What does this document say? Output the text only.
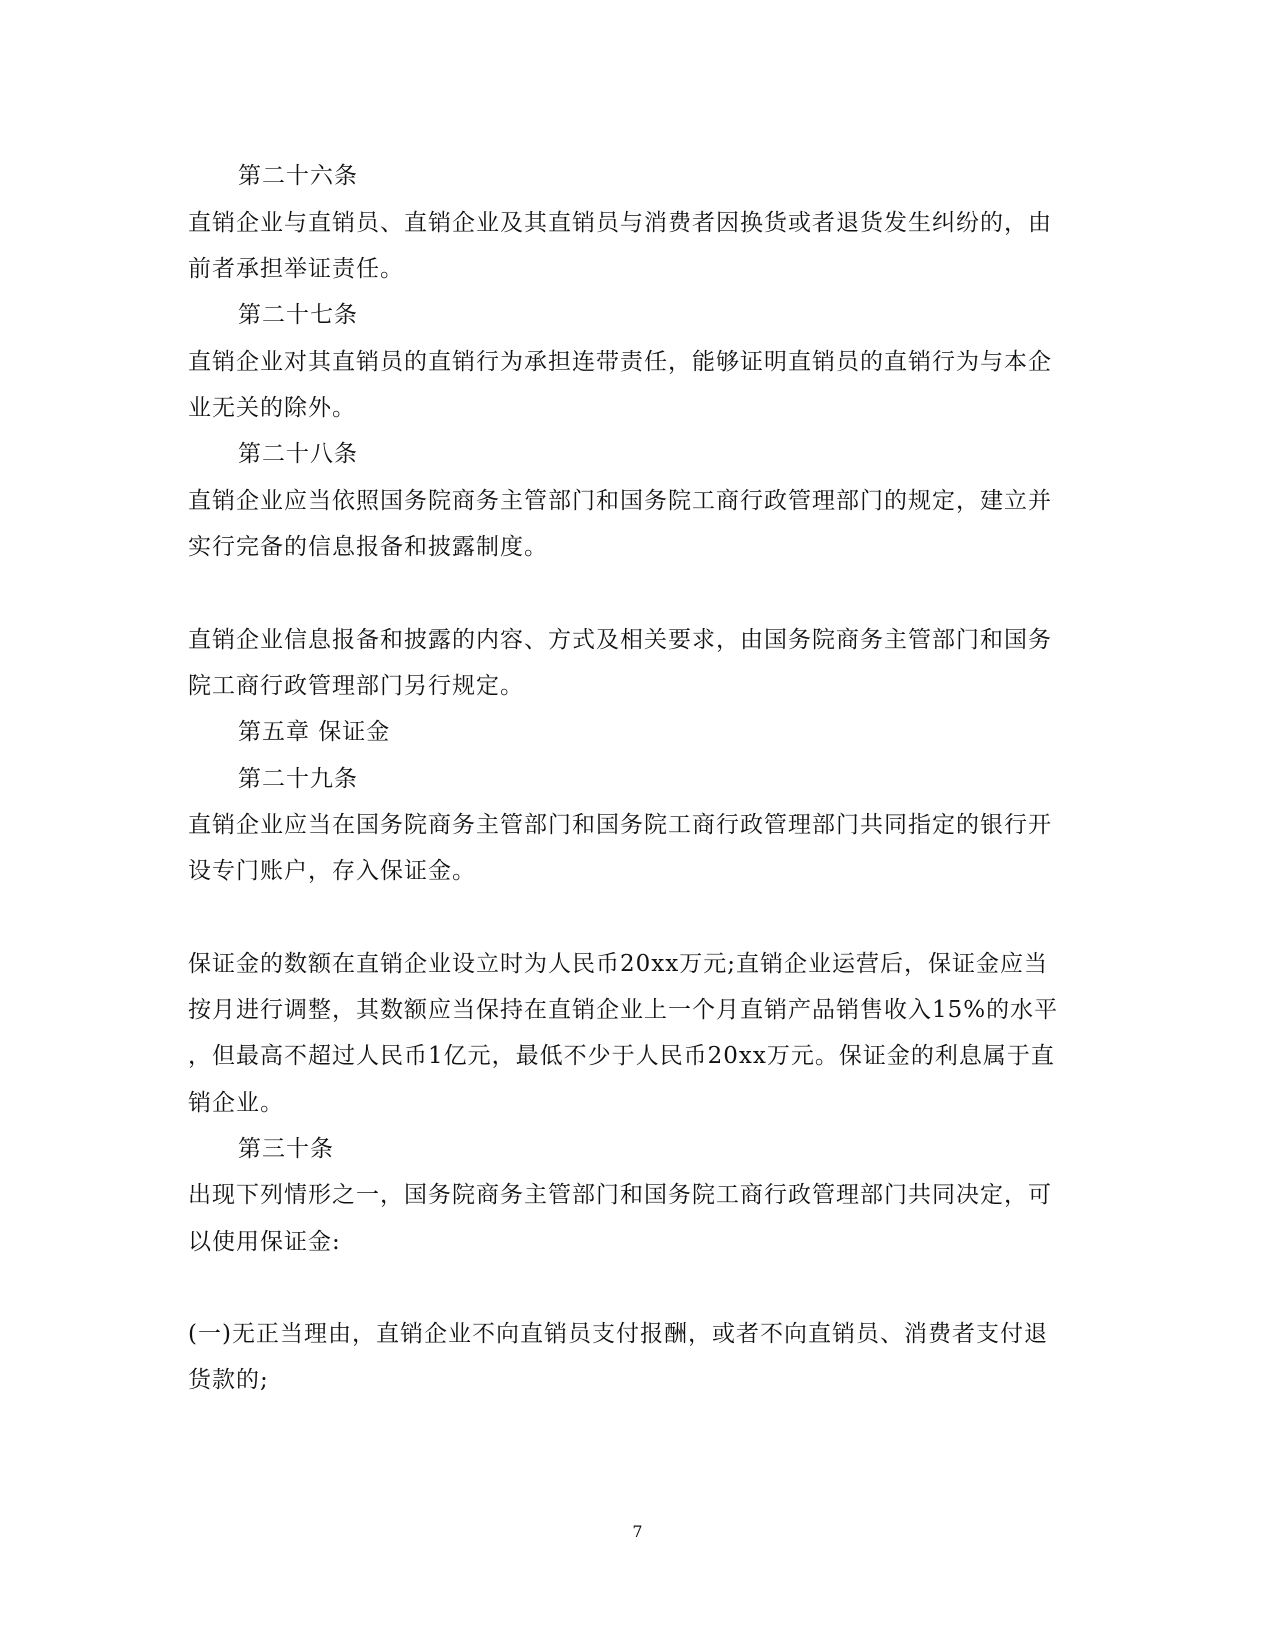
第二十六条
直销企业与直销员、直销企业及其直销员与消费者因换货或者退货发生纠纷的，由
前者承担举证责任。
第二十七条
直销企业对其直销员的直销行为承担连带责任，能够证明直销员的直销行为与本企
业无关的除外。
第二十八条
直销企业应当依照国务院商务主管部门和国务院工商行政管理部门的规定，建立并
实行完备的信息报备和披露制度。
直销企业信息报备和披露的内容、方式及相关要求，由国务院商务主管部门和国务
院工商行政管理部门另行规定。
第五章 保证金
第二十九条
直销企业应当在国务院商务主管部门和国务院工商行政管理部门共同指定的银行开
设专门账户，存入保证金。
保证金的数额在直销企业设立时为人民币20xx万元;直销企业运营后，保证金应当
按月进行调整，其数额应当保持在直销企业上一个月直销产品销售收入15%的水平
，但最高不超过人民币1亿元，最低不少于人民币20xx万元。保证金的利息属于直
销企业。
第三十条
出现下列情形之一，国务院商务主管部门和国务院工商行政管理部门共同决定，可
以使用保证金:
(一)无正当理由，直销企业不向直销员支付报酬，或者不向直销员、消费者支付退
货款的;
7
